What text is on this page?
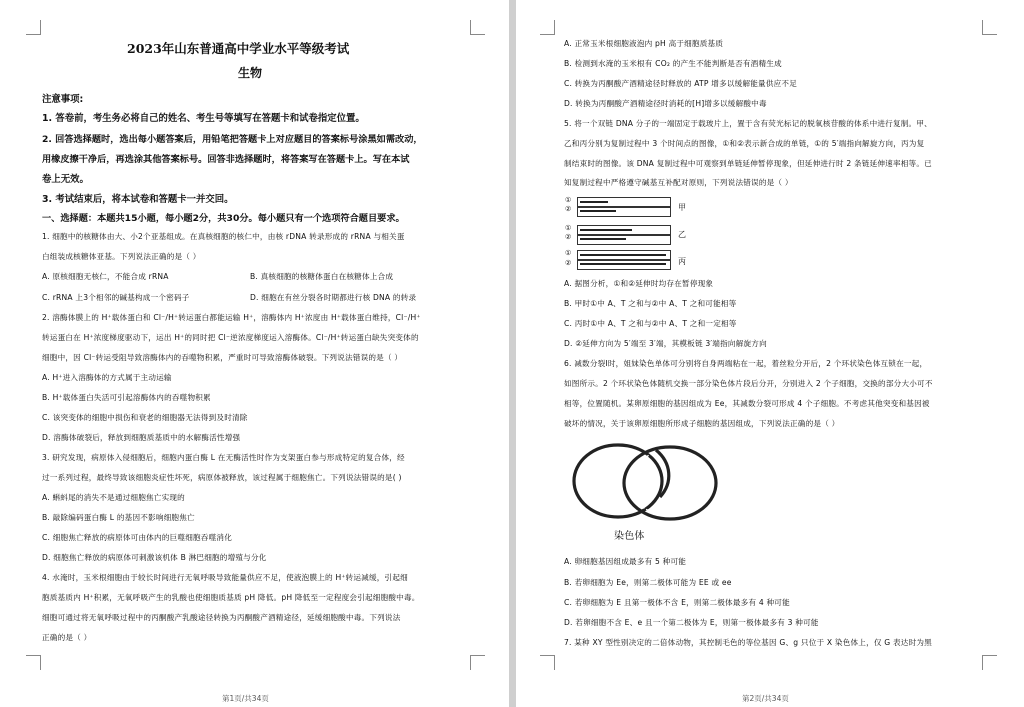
2023年山东普通高中学业水平等级考试
生物
注意事项:
1. 答卷前，考生务必将自己的姓名、考生号等填写在答题卡和试卷指定位置。
2. 回答选择题时，选出每小题答案后，用铅笔把答题卡上对应题目的答案标号涂黑如需改动，
用橡皮擦干净后，再选涂其他答案标号。回答非选择题时，将答案写在答题卡上。写在本试
卷上无效。
3. 考试结束后，将本试卷和答题卡一并交回。
一、选择题：本题共15小题，每小题2分，共30分。每小题只有一个选项符合题目要求。
1. 细胞中的核糖体由大、小2个亚基组成。在真核细胞的核仁中，由核 rDNA 转录形成的 rRNA 与相关蛋
白组装成核糖体亚基。下列说法正确的是（ ）
A. 原核细胞无核仁，不能合成 rRNA	B. 真核细胞的核糖体蛋白在核糖体上合成
C. rRNA 上3个相邻的碱基构成一个密码子	D. 细胞在有丝分裂各时期都进行核 DNA 的转录
2. 溶酶体膜上的 H⁺载体蛋白和 Cl⁻/H⁺转运蛋白都能运输 H⁺，溶酶体内 H⁺浓度由 H⁺载体蛋白维持，Cl⁻/H⁺
转运蛋白在 H⁺浓度梯度驱动下，运出 H⁺的同时把 Cl⁻逆浓度梯度运入溶酶体。Cl⁻/H⁺转运蛋白缺失突变体的
细胞中，因 Cl⁻转运受阻导致溶酶体内的吞噬物积累，严重时可导致溶酶体破裂。下列说法错误的是（ ）
A. H⁺进入溶酶体的方式属于主动运输
B. H⁺载体蛋白失活可引起溶酶体内的吞噬物积累
C. 该突变体的细胞中损伤和衰老的细胞器无法得到及时清除
D. 溶酶体破裂后，释放到细胞质基质中的水解酶活性增强
3. 研究发现，病原体入侵细胞后，细胞内蛋白酶 L 在无酶活性时作为支架蛋白参与形成特定的复合体，经
过一系列过程，最终导致该细胞炎症性坏死，病原体被释放，该过程属于细胞焦亡。下列说法错误的是( )
A. 蝌蚪尾的消失不是通过细胞焦亡实现的
B. 敲除编码蛋白酶 L 的基因不影响细胞焦亡
C. 细胞焦亡释放的病原体可由体内的巨噬细胞吞噬消化
D. 细胞焦亡释放的病原体可刺激该机体 B 淋巴细胞的增殖与分化
4. 水淹时，玉米根细胞由于较长时间进行无氧呼吸导致能量供应不足，使液泡膜上的 H⁺转运减缓，引起细
胞质基质内 H⁺积累，无氧呼吸产生的乳酸也使细胞质基质 pH 降低。pH 降低至一定程度会引起细胞酸中毒。
细胞可通过将无氧呼吸过程中的丙酮酸产乳酸途径转换为丙酮酸产酒精途径，延缓细胞酸中毒。下列说法
正确的是（ ）
第1页/共34页
A. 正常玉米根细胞液泡内 pH 高于细胞质基质
B. 检测到水淹的玉米根有 CO₂ 的产生不能判断是否有酒精生成
C. 转换为丙酮酸产酒精途径时释放的 ATP 增多以缓解能量供应不足
D. 转换为丙酮酸产酒精途径时消耗的[H]增多以缓解酸中毒
5. 将一个双链 DNA 分子的一端固定于载玻片上，置于含有荧光标记的脱氧核苷酸的体系中进行复制。甲、
乙和丙分别为复制过程中 3 个时间点的图像，①和②表示新合成的单链，①的 5′端指向解旋方向，丙为复
制结束时的图像。该 DNA 复制过程中可观察到单链延伸暂停现象，但延伸进行时 2 条链延伸速率相等。已
知复制过程中严格遵守碱基互补配对原则，下列说法错误的是（ ）
①
②	甲
①
②	乙
①
②	丙
A. 据图分析，①和②延伸时均存在暂停现象
B. 甲时①中 A、T 之和与②中 A、T 之和可能相等
C. 丙时①中 A、T 之和与②中 A、T 之和一定相等
D. ②延伸方向为 5′端至 3′端，其模板链 3′端指向解旋方向
6. 减数分裂Ⅰ时，姐妹染色单体可分别将自身两端粘在一起，着丝粒分开后，2 个环状染色体互锁在一起，
如图所示。2 个环状染色体随机交换一部分染色体片段后分开，分别进入 2 个子细胞，交换的部分大小可不
相等，位置随机。某卵原细胞的基因组成为 Ee，其减数分裂可形成 4 个子细胞。不考虑其他突变和基因被
破坏的情况，关于该卵原细胞所形成子细胞的基因组成，下列说法正确的是（ ）
染色体
A. 卵细胞基因组成最多有 5 种可能
B. 若卵细胞为 Ee，则第二极体可能为 EE 或 ee
C. 若卵细胞为 E 且第一极体不含 E，则第二极体最多有 4 种可能
D. 若卵细胞不含 E、e 且一个第二极体为 E，则第一极体最多有 3 种可能
7. 某种 XY 型性别决定的二倍体动物，其控制毛色的等位基因 G、g 只位于 X 染色体上，仅 G 表达时为黑
第2页/共34页
